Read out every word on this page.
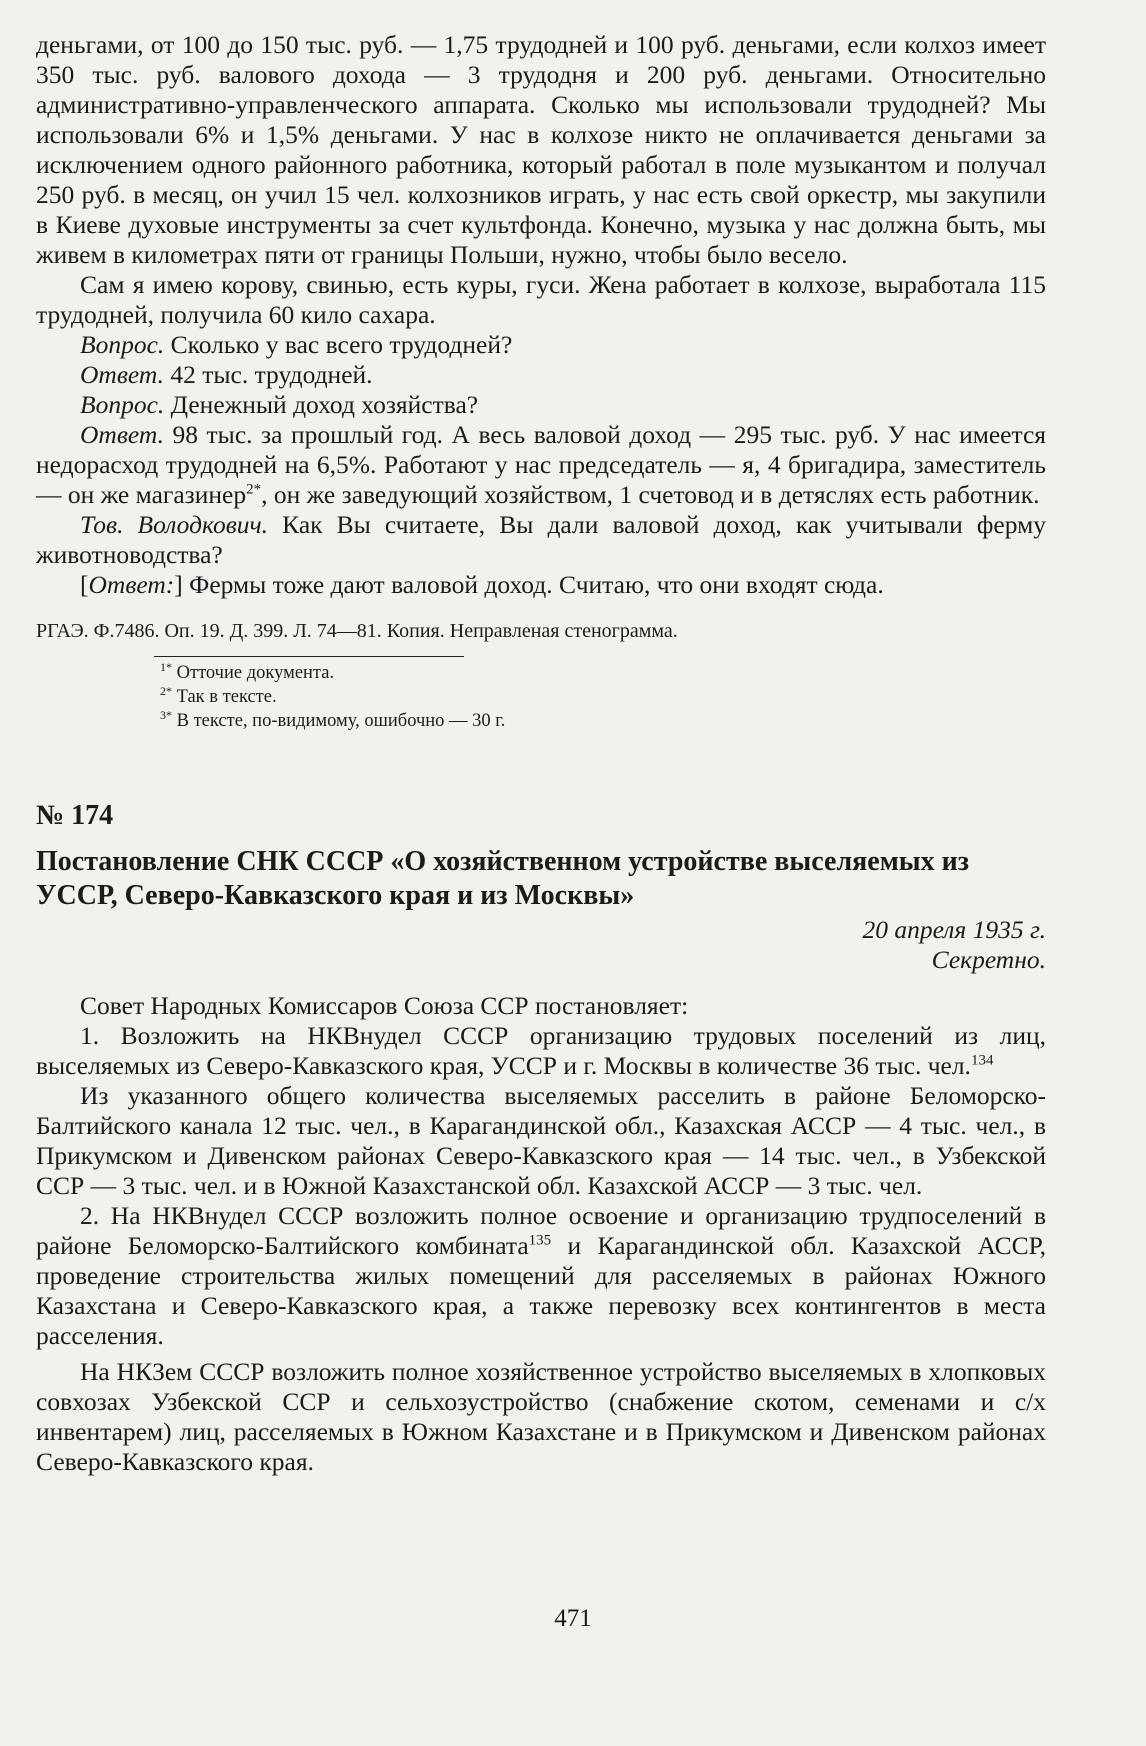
деньгами, от 100 до 150 тыс. руб. — 1,75 трудодней и 100 руб. деньгами, если колхоз имеет 350 тыс. руб. валового дохода — 3 трудодня и 200 руб. деньгами. Относительно административно-управленческого аппарата. Сколько мы использовали трудодней? Мы использовали 6% и 1,5% деньгами. У нас в колхозе никто не оплачивается деньгами за исключением одного районного работника, который работал в поле музыкантом и получал 250 руб. в месяц, он учил 15 чел. колхозников играть, у нас есть свой оркестр, мы закупили в Киеве духовые инструменты за счет культфонда. Конечно, музыка у нас должна быть, мы живем в километрах пяти от границы Польши, нужно, чтобы было весело.

Сам я имею корову, свинью, есть куры, гуси. Жена работает в колхозе, выработала 115 трудодней, получила 60 кило сахара.

Вопрос. Сколько у вас всего трудодней?

Ответ. 42 тыс. трудодней.

Вопрос. Денежный доход хозяйства?

Ответ. 98 тыс. за прошлый год. А весь валовой доход — 295 тыс. руб. У нас имеется недорасход трудодней на 6,5%. Работают у нас председатель — я, 4 бригадира, заместитель — он же магазинер$^{2*}$, он же заведующий хозяйством, 1 счетовод и в детяслях есть работник.

Тов. Володкович. Как Вы считаете, Вы дали валовой доход, как учитывали ферму животноводства?

[Ответ:] Фермы тоже дают валовой доход. Считаю, что они входят сюда.

РГАЭ. Ф.7486. Оп. 19. Д. 399. Л. 74—81. Копия. Неправленая стенограмма.

$^{1*}$ Отточие документа.
$^{2*}$ Так в тексте.
$^{3*}$ В тексте, по-видимому, ошибочно — 30 г.
№ 174
Постановление СНК СССР «О хозяйственном устройстве выселяемых из УССР, Северо-Кавказского края и из Москвы»
20 апреля 1935 г.
Секретно.

Совет Народных Комиссаров Союза ССР постановляет:

1. Возложить на НКВнудел СССР организацию трудовых поселений из лиц, выселяемых из Северо-Кавказского края, УССР и г. Москвы в количестве 36 тыс. чел.$^{134}$

Из указанного общего количества выселяемых расселить в районе Беломорско-Балтийского канала 12 тыс. чел., в Карагандинской обл., Казахская АССР — 4 тыс. чел., в Прикумском и Дивенском районах Северо-Кавказского края — 14 тыс. чел., в Узбекской ССР — 3 тыс. чел. и в Южной Казахстанской обл. Казахской АССР — 3 тыс. чел.

2. На НКВнудел СССР возложить полное освоение и организацию трудпоселений в районе Беломорско-Балтийского комбината$^{135}$ и Карагандинской обл. Казахской АССР, проведение строительства жилых помещений для расселяемых в районах Южного Казахстана и Северо-Кавказского края, а также перевозку всех контингентов в места расселения.

На НКЗем СССР возложить полное хозяйственное устройство выселяемых в хлопковых совхозах Узбекской ССР и сельхозустройство (снабжение скотом, семенами и с/х инвентарем) лиц, расселяемых в Южном Казахстане и в Прикумском и Дивенском районах Северо-Кавказского края.

471
